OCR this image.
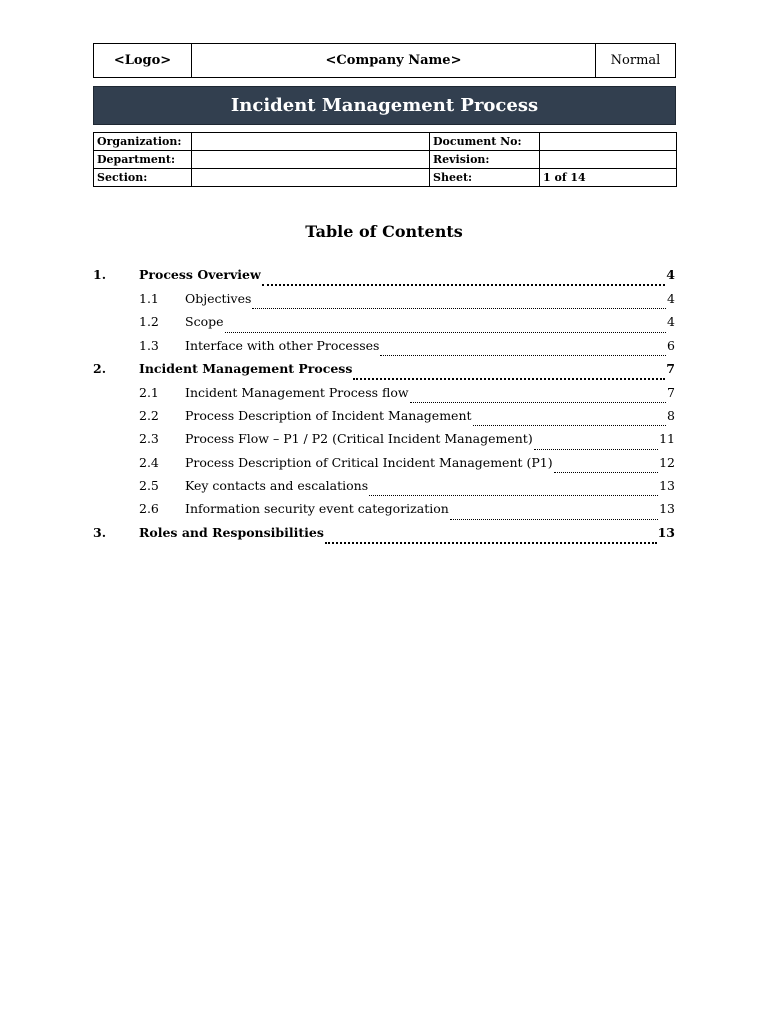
<Logo>	<Company Name>	Normal
Incident Management Process
Organization:		Document No:	
Department:		Revision:	
Section:		Sheet:	1 of 14
Table of Contents
1.	Process Overview	4
1.1	Objectives	4
1.2	Scope	4
1.3	Interface with other Processes	6
2.	Incident Management Process	7
2.1	Incident Management Process flow	7
2.2	Process Description of Incident Management	8
2.3	Process Flow – P1 / P2 (Critical Incident Management)	11
2.4	Process Description of Critical Incident Management (P1)	12
2.5	Key contacts and escalations	13
2.6	Information security event categorization	13
3.	Roles and Responsibilities	13
